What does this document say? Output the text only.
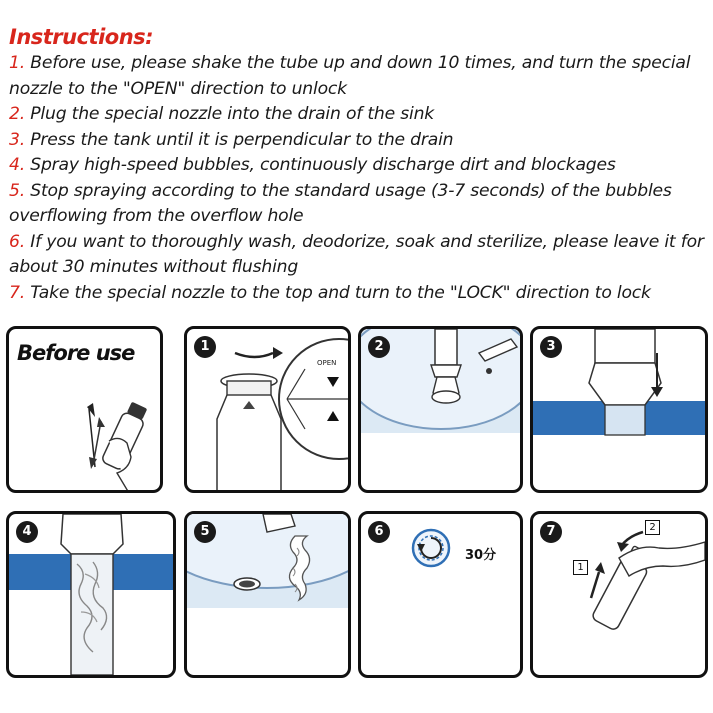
Instructions:
1. Before use, please shake the tube up and down 10 times, and turn the special nozzle to the "OPEN" direction to unlock
2. Plug the special nozzle into the drain of the sink
3. Press the tank until it is perpendicular to the drain
4. Spray high-speed bubbles, continuously discharge dirt and blockages
5. Stop spraying according to the standard usage (3-7 seconds) of the bubbles overflowing from the overflow hole
6. If you want to thoroughly wash, deodorize, soak and sterilize, please leave it for about 30 minutes without flushing
7. Take the special nozzle to the top and turn to the "LOCK" direction to lock
Before use	1
OPEN
2	3
4	5	6
30分
7	2
1
